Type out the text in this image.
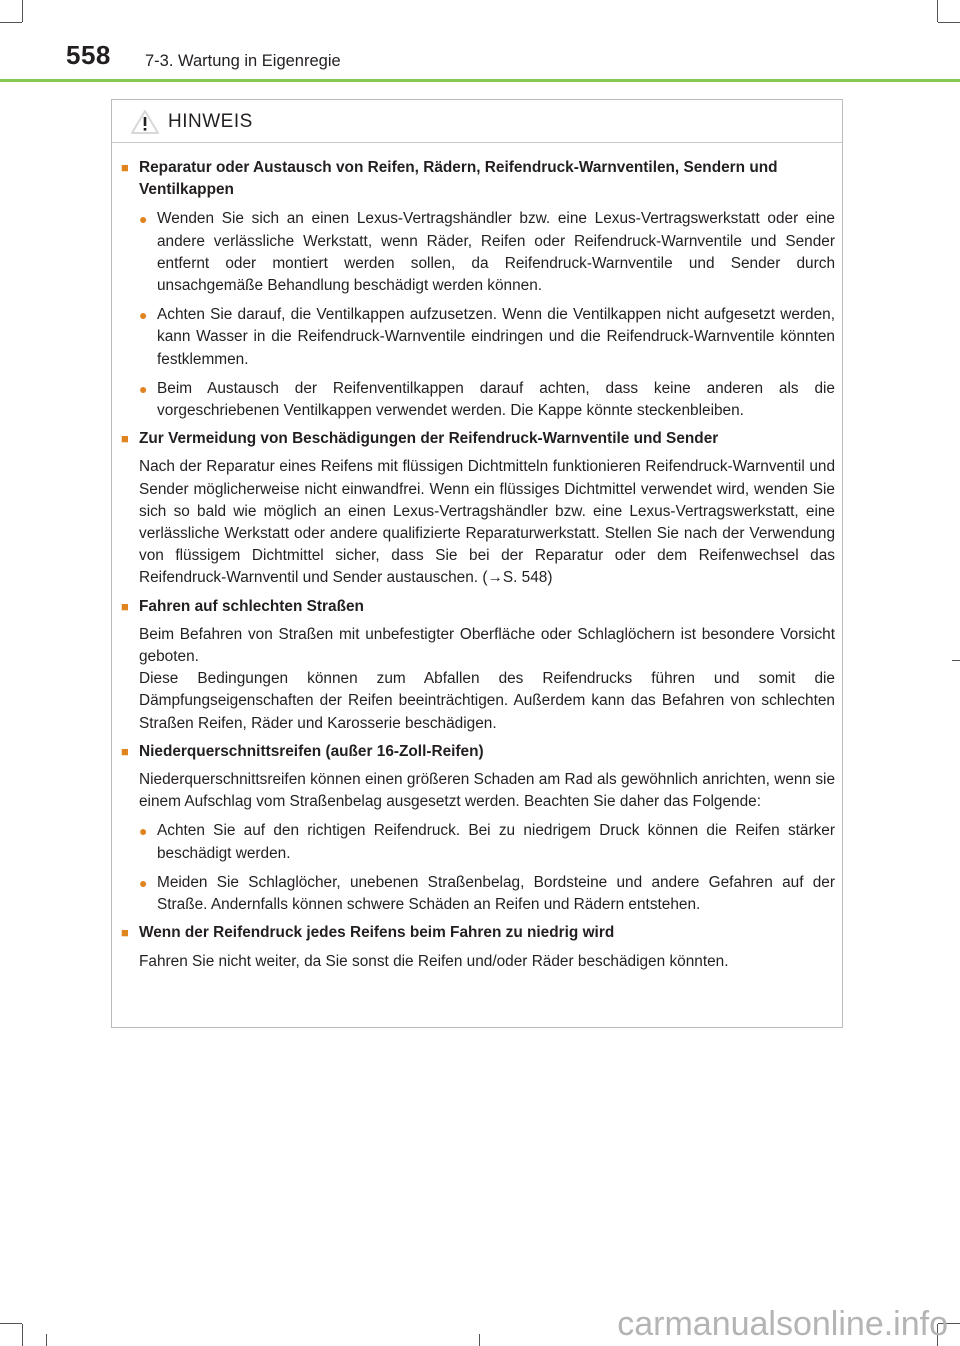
558 7-3. Wartung in Eigenregie
HINWEIS
■ Reparatur oder Austausch von Reifen, Rädern, Reifendruck-Warnventilen, Sendern und Ventilkappen
● Wenden Sie sich an einen Lexus-Vertragshändler bzw. eine Lexus-Vertragswerkstatt oder eine andere verlässliche Werkstatt, wenn Räder, Reifen oder Reifendruck-Warnventile und Sender entfernt oder montiert werden sollen, da Reifendruck-Warnventile und Sender durch unsachgemäße Behandlung beschädigt werden können.
● Achten Sie darauf, die Ventilkappen aufzusetzen. Wenn die Ventilkappen nicht aufgesetzt werden, kann Wasser in die Reifendruck-Warnventile eindringen und die Reifendruck-Warnventile könnten festklemmen.
● Beim Austausch der Reifenventilkappen darauf achten, dass keine anderen als die vorgeschriebenen Ventilkappen verwendet werden. Die Kappe könnte steckenbleiben.
■ Zur Vermeidung von Beschädigungen der Reifendruck-Warnventile und Sender
Nach der Reparatur eines Reifens mit flüssigen Dichtmitteln funktionieren Reifendruck-Warnventil und Sender möglicherweise nicht einwandfrei. Wenn ein flüssiges Dichtmittel verwendet wird, wenden Sie sich so bald wie möglich an einen Lexus-Vertragshändler bzw. eine Lexus-Vertragswerkstatt, eine verlässliche Werkstatt oder andere qualifizierte Reparaturwerkstatt. Stellen Sie nach der Verwendung von flüssigem Dichtmittel sicher, dass Sie bei der Reparatur oder dem Reifenwechsel das Reifendruck-Warnventil und Sender austauschen. (→S. 548)
■ Fahren auf schlechten Straßen
Beim Befahren von Straßen mit unbefestigter Oberfläche oder Schlaglöchern ist besondere Vorsicht geboten.
Diese Bedingungen können zum Abfallen des Reifendrucks führen und somit die Dämpfungseigenschaften der Reifen beeinträchtigen. Außerdem kann das Befahren von schlechten Straßen Reifen, Räder und Karosserie beschädigen.
■ Niederquerschnittsreifen (außer 16-Zoll-Reifen)
Niederquerschnittsreifen können einen größeren Schaden am Rad als gewöhnlich anrichten, wenn sie einem Aufschlag vom Straßenbelag ausgesetzt werden. Beachten Sie daher das Folgende:
● Achten Sie auf den richtigen Reifendruck. Bei zu niedrigem Druck können die Reifen stärker beschädigt werden.
● Meiden Sie Schlaglöcher, unebenen Straßenbelag, Bordsteine und andere Gefahren auf der Straße. Andernfalls können schwere Schäden an Reifen und Rädern entstehen.
■ Wenn der Reifendruck jedes Reifens beim Fahren zu niedrig wird
Fahren Sie nicht weiter, da Sie sonst die Reifen und/oder Räder beschädigen könnten.
carmanualsonline.info
